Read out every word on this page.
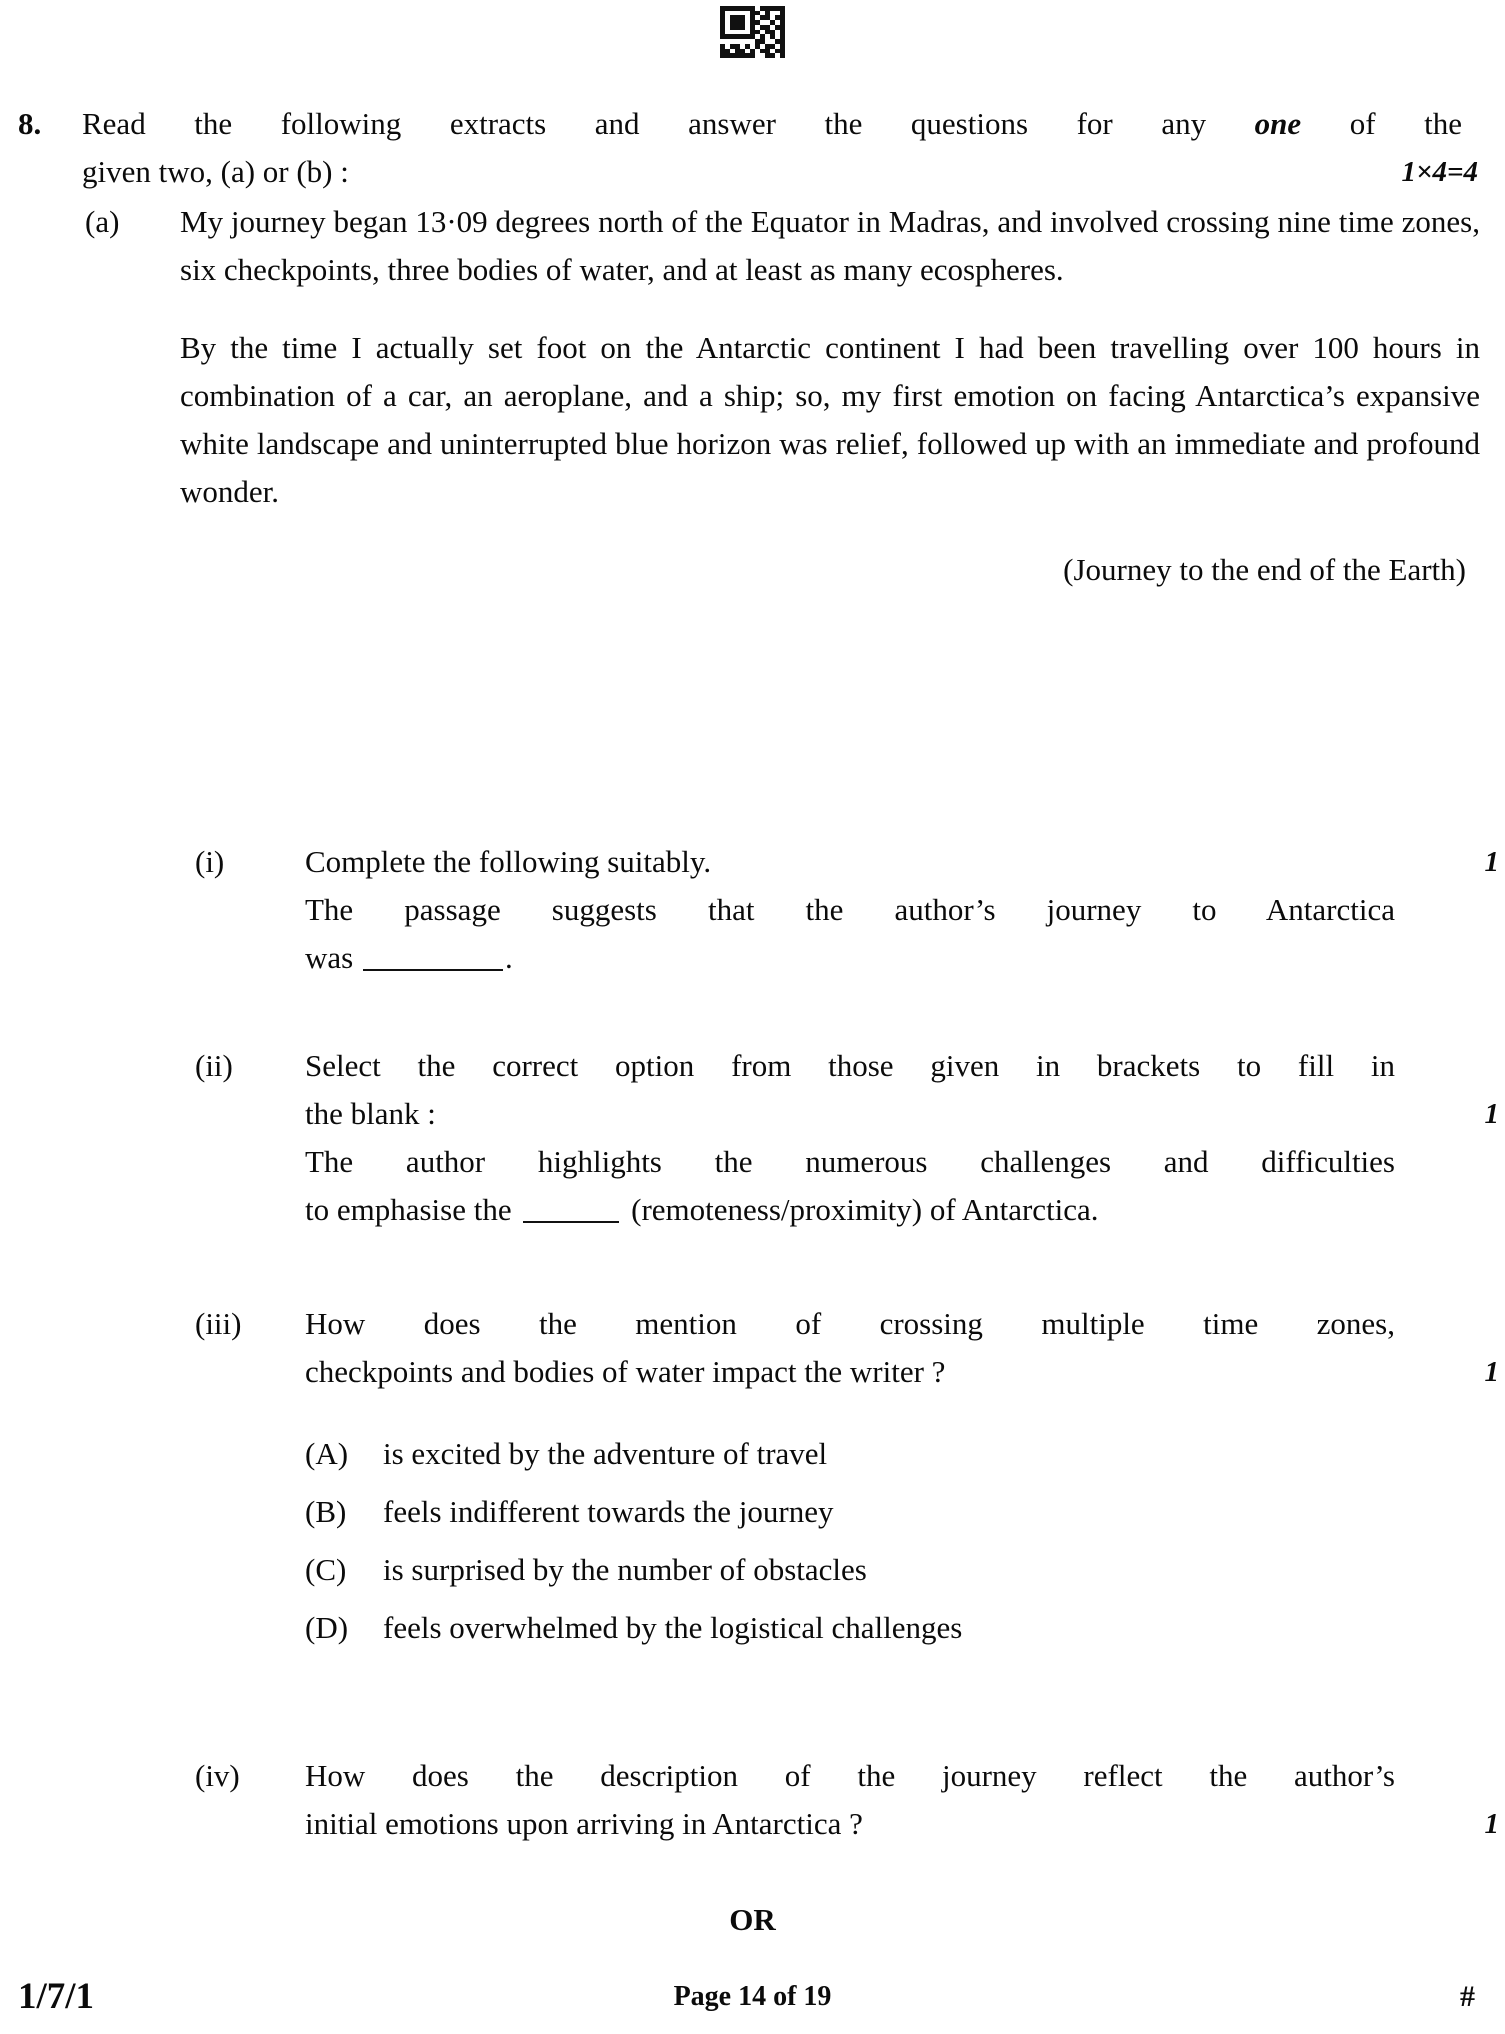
8. Read the following extracts and answer the questions for any one of the
given two, (a) or (b) :	1×4=4
(a) My journey began 13·09 degrees north of the Equator in Madras, and involved crossing nine time zones, six checkpoints, three bodies of water, and at least as many ecospheres.

By the time I actually set foot on the Antarctic continent I had been travelling over 100 hours in combination of a car, an aeroplane, and a ship; so, my first emotion on facing Antarctica’s expansive white landscape and uninterrupted blue horizon was relief, followed up with an immediate and profound wonder.

(Journey to the end of the Earth)

(i)	Complete the following suitably.
The passage suggests that the author’s journey to Antarctica
was	.
1
(ii) Select the correct option from those given in brackets to fill in
the blank :
The author highlights the numerous challenges and difficulties
to emphasise the	(remoteness/proximity) of Antarctica.
1
(iii) How does the mention of crossing multiple time zones,
checkpoints and bodies of water impact the writer ?	1
(A)	is excited by the adventure of travel
(B)	feels indifferent towards the journey
(C)	is surprised by the number of obstacles
(D)	feels overwhelmed by the logistical challenges
(iv) How does the description of the journey reflect the author’s
initial emotions upon arriving in Antarctica ?	1
OR
1/7/1	Page 14 of 19	#
